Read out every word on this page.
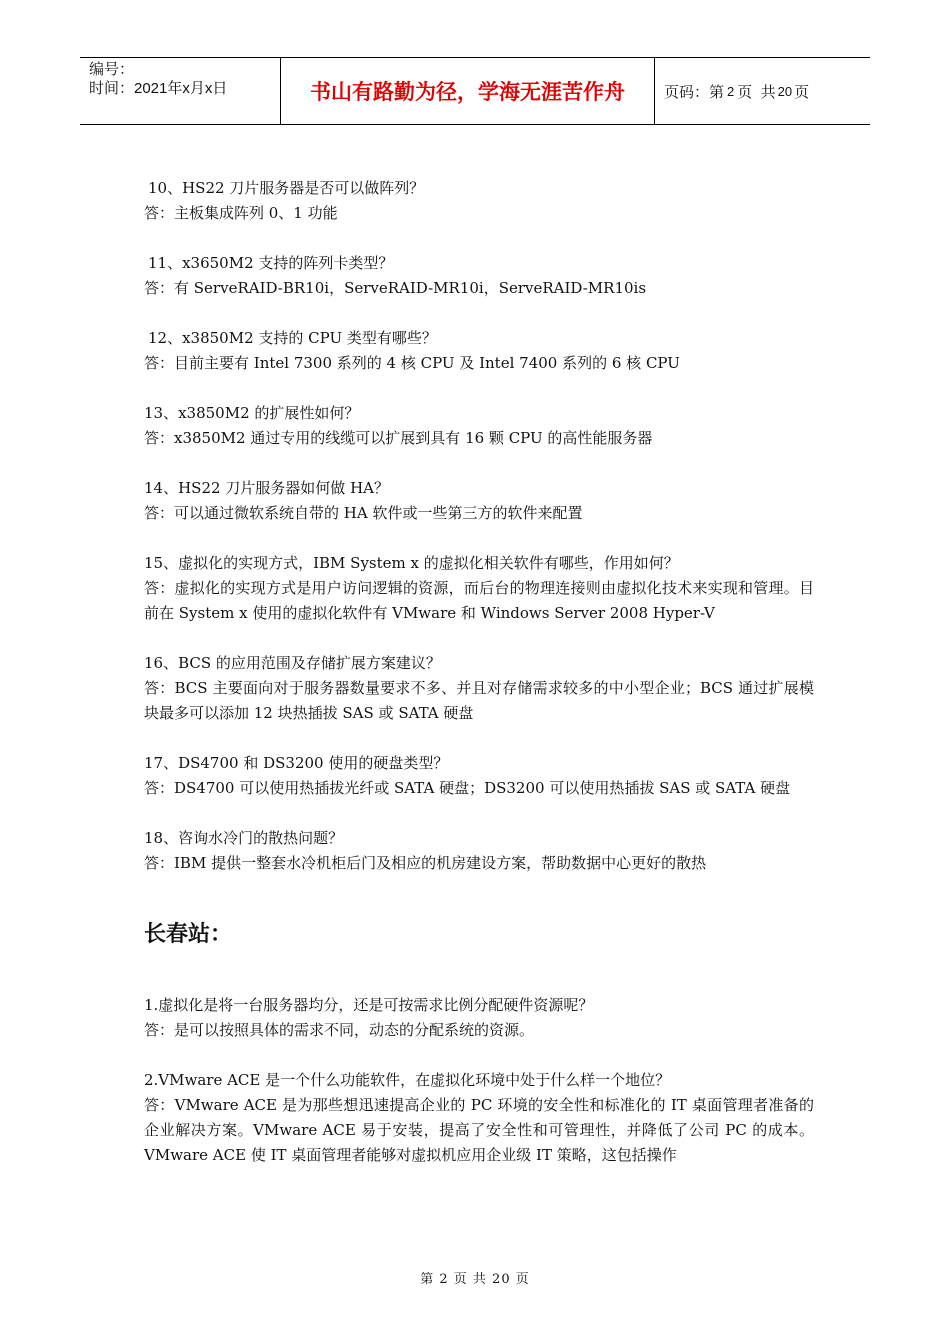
编号：
时间：2021年x月x日	书山有路勤为径，学海无涯苦作舟	页码：第 2 页  共 20 页
10、HS22 刀片服务器是否可以做阵列？
答：主板集成阵列 0、1 功能
11、x3650M2 支持的阵列卡类型？
答：有 ServeRAID-BR10i，ServeRAID-MR10i，ServeRAID-MR10is
12、x3850M2 支持的 CPU 类型有哪些？
答：目前主要有 Intel 7300 系列的 4 核 CPU 及 Intel 7400 系列的 6 核 CPU
13、x3850M2 的扩展性如何？
答：x3850M2 通过专用的线缆可以扩展到具有 16 颗 CPU 的高性能服务器
14、HS22 刀片服务器如何做 HA？
答：可以通过微软系统自带的 HA 软件或一些第三方的软件来配置
15、虚拟化的实现方式，IBM System x 的虚拟化相关软件有哪些，作用如何？
答：虚拟化的实现方式是用户访问逻辑的资源，而后台的物理连接则由虚拟化技术来实现和管理。目前在 System x 使用的虚拟化软件有 VMware 和 Windows Server 2008 Hyper-V
16、BCS 的应用范围及存储扩展方案建议？
答：BCS 主要面向对于服务器数量要求不多、并且对存储需求较多的中小型企业；BCS 通过扩展模块最多可以添加 12 块热插拔 SAS 或 SATA 硬盘
17、DS4700 和 DS3200 使用的硬盘类型？
答：DS4700 可以使用热插拔光纤或 SATA 硬盘；DS3200 可以使用热插拔 SAS 或 SATA 硬盘
18、咨询水冷门的散热问题？
答：IBM 提供一整套水冷机柜后门及相应的机房建设方案，帮助数据中心更好的散热
长春站：
1.虚拟化是将一台服务器均分，还是可按需求比例分配硬件资源呢？
答：是可以按照具体的需求不同，动态的分配系统的资源。
2.VMware ACE 是一个什么功能软件，在虚拟化环境中处于什么样一个地位？
答：VMware ACE 是为那些想迅速提高企业的 PC 环境的安全性和标准化的 IT 桌面管理者准备的企业解决方案。VMware ACE 易于安装，提高了安全性和可管理性，并降低了公司 PC 的成本。VMware ACE 使 IT 桌面管理者能够对虚拟机应用企业级 IT 策略，这包括操作
第 2 页 共 20 页
